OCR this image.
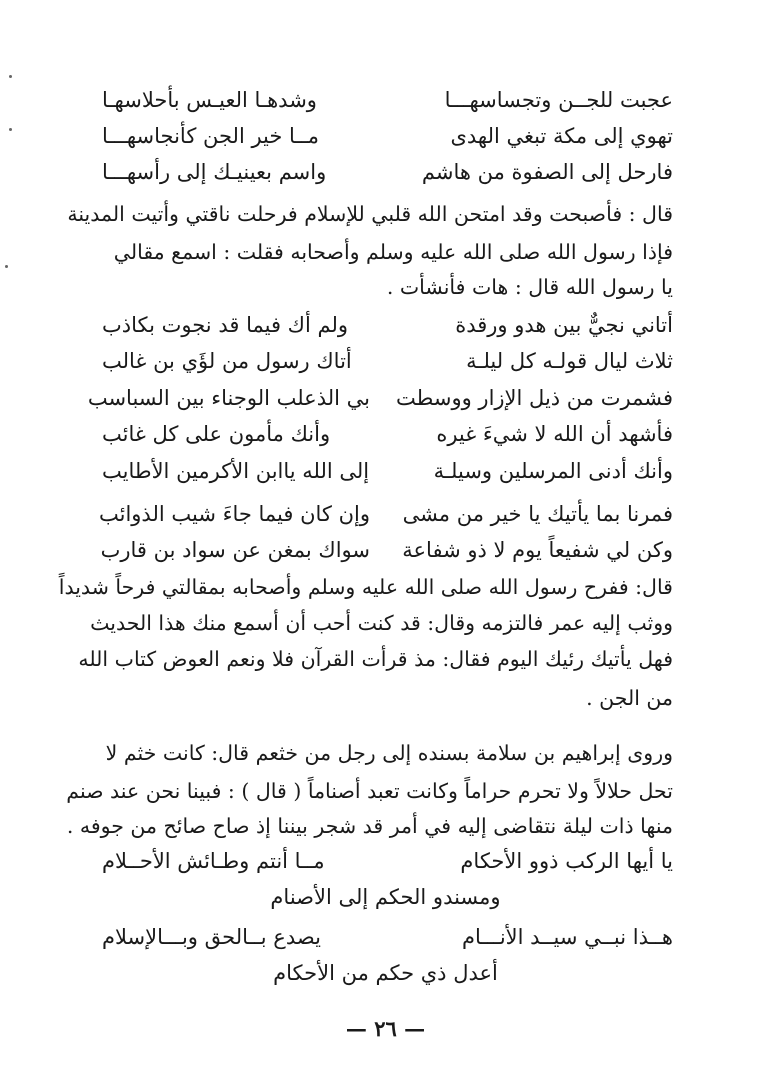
عجبت للجــن وتجساسهـــا
وشدهـا العيـس بأحلاسهـا
تهوي إلى مكة تبغي الهدى
مــا خير الجن كأنجاسهـــا
فارحل إلى الصفوة من هاشم
واسم بعينيـك إلى رأسهـــا
قال : فأصبحت وقد امتحن الله قلبي للإسلام فرحلت ناقتي وأتيت المدينة
فإذا رسول الله صلى الله عليه وسلم وأصحابه فقلت : اسمع مقالي
يا رسول الله قال : هات فأنشأت .
أتاني نجيٌّ بين هدو ورقدة
ولم أك فيما قد نجوت بكاذب
ثلاث ليال قولـه كل ليلـة
أتاك رسول من لؤَي بن غالب
فشمرت من ذيل الإزار ووسطت
بي الذعلب الوجناء بين السباسب
فأشهد أن الله لا شيءَ غيره
وأنك مأمون على كل غائب
وأنك أدنى المرسلين وسيلـة
إلى الله ياابن الأكرمين الأطايب
فمرنا بما يأتيك يا خير من مشى
وإن كان فيما جاءَ شيب الذوائب
وكن لي شفيعاً يوم لا ذو شفاعة
سواك بمغن عن سواد بن قارب
قال: ففرح رسول الله صلى الله عليه وسلم وأصحابه بمقالتي فرحاً شديداً
ووثب إليه عمر فالتزمه وقال: قد كنت أحب أن أسمع منك هذا الحديث
فهل يأتيك رئيك اليوم فقال: مذ قرأت القرآن فلا ونعم العوض كتاب الله
من الجن .
وروى إبراهيم بن سلامة بسنده إلى رجل من خثعم قال: كانت خثم لا
تحل حلالاً ولا تحرم حراماً وكانت تعبد أصناماً ( قال ) : فبينا نحن عند صنم
منها ذات ليلة نتقاضى إليه في أمر قد شجر بيننا إذ صاح صائح من جوفه .
يا أيها الركب ذوو الأحكام
مــا أنتم وطـائش الأحــلام
ومسندو الحكم إلى الأصنام
هــذا نبــي سيــد الأنـــام
يصدع بــالحق وبـــالإسلام
أعدل ذي حكم من الأحكام
— ٢٦ —
